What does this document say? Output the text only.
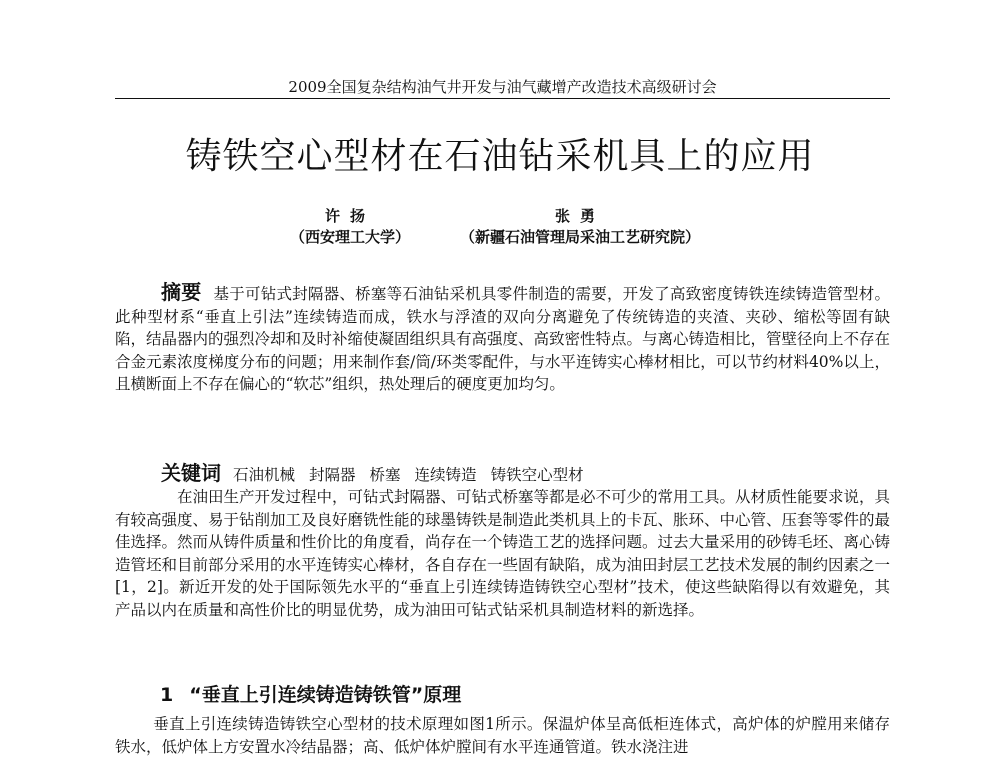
2009全国复杂结构油气井开发与油气藏增产改造技术高级研讨会
铸铁空心型材在石油钻采机具上的应用
许扬
（西安理工大学）
张勇
（新疆石油管理局采油工艺研究院）
摘要 基于可钻式封隔器、桥塞等石油钻采机具零件制造的需要，开发了高致密度铸铁连续铸造管型材。此种型材系“垂直上引法”连续铸造而成，铁水与浮渣的双向分离避免了传统铸造的夹渣、夹砂、缩松等固有缺陷，结晶器内的强烈冷却和及时补缩使凝固组织具有高强度、高致密性特点。与离心铸造相比，管壁径向上不存在合金元素浓度梯度分布的问题；用来制作套/筒/环类零配件，与水平连铸实心棒材相比，可以节约材料40%以上，且横断面上不存在偏心的“软芯”组织，热处理后的硬度更加均匀。
关键词 石油机械 封隔器 桥塞 连续铸造 铸铁空心型材
在油田生产开发过程中，可钻式封隔器、可钻式桥塞等都是必不可少的常用工具。从材质性能要求说，具有较高强度、易于钻削加工及良好磨铣性能的球墨铸铁是制造此类机具上的卡瓦、胀环、中心管、压套等零件的最佳选择。然而从铸件质量和性价比的角度看，尚存在一个铸造工艺的选择问题。过去大量采用的砂铸毛坯、离心铸造管坯和目前部分采用的水平连铸实心棒材，各自存在一些固有缺陷，成为油田封层工艺技术发展的制约因素之一[1，2]。新近开发的处于国际领先水平的“垂直上引连续铸造铸铁空心型材”技术，使这些缺陷得以有效避免，其产品以内在质量和高性价比的明显优势，成为油田可钻式钻采机具制造材料的新选择。
1 “垂直上引连续铸造铸铁管”原理
垂直上引连续铸造铸铁空心型材的技术原理如图1所示。保温炉体呈高低柜连体式，高炉体的炉膛用来储存铁水，低炉体上方安置水冷结晶器；高、低炉体炉膛间有水平连通管道。铁水浇注进
